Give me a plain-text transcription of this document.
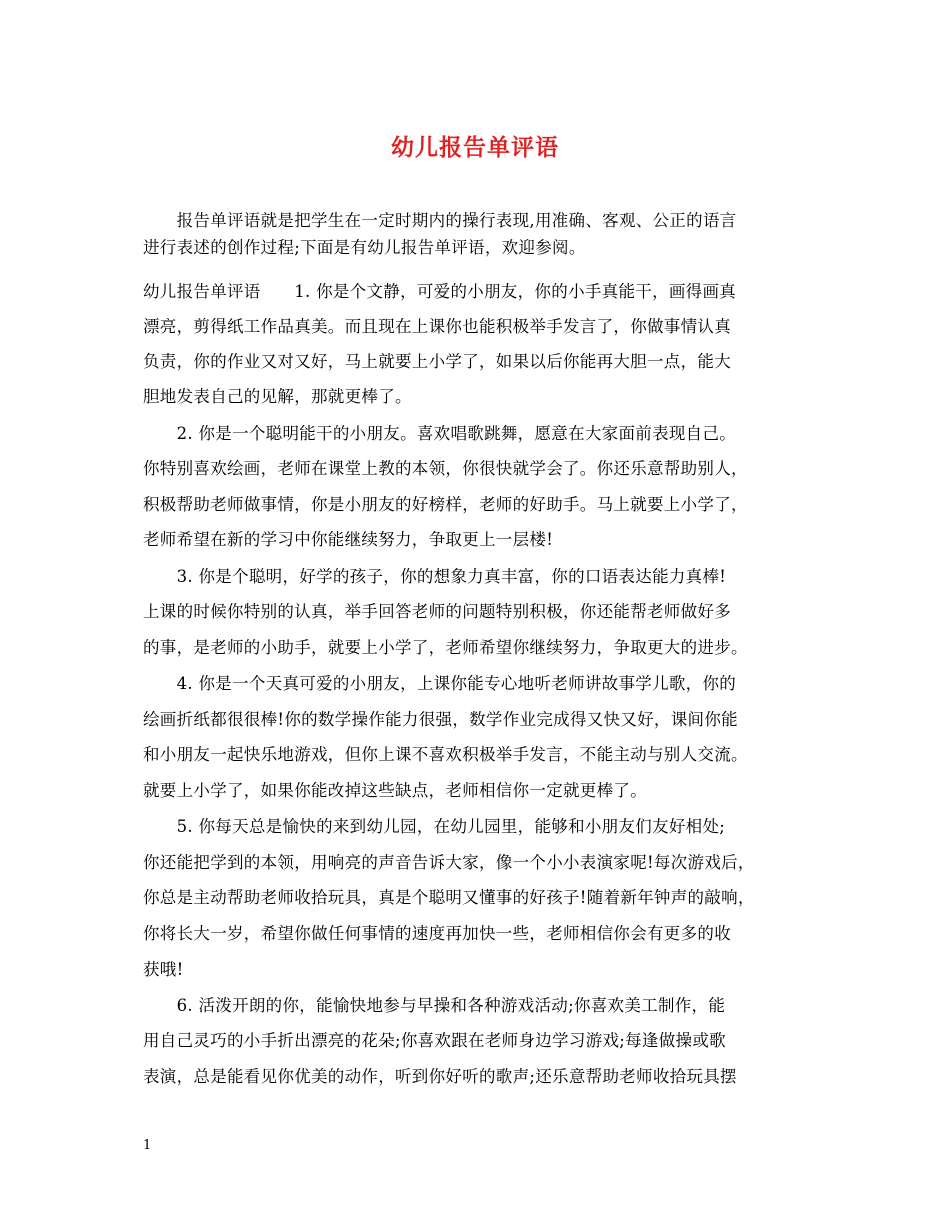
幼儿报告单评语
　　报告单评语就是把学生在一定时期内的操行表现,用准确、客观、公正的语言
进行表述的创作过程;下面是有幼儿报告单评语，欢迎参阅。
幼儿报告单评语　　1. 你是个文静，可爱的小朋友，你的小手真能干，画得画真
漂亮，剪得纸工作品真美。而且现在上课你也能积极举手发言了，你做事情认真
负责，你的作业又对又好，马上就要上小学了，如果以后你能再大胆一点，能大
胆地发表自己的见解，那就更棒了。
　　2. 你是一个聪明能干的小朋友。喜欢唱歌跳舞，愿意在大家面前表现自己。
你特别喜欢绘画，老师在课堂上教的本领，你很快就学会了。你还乐意帮助别人，
积极帮助老师做事情，你是小朋友的好榜样，老师的好助手。马上就要上小学了，
老师希望在新的学习中你能继续努力，争取更上一层楼!
　　3. 你是个聪明，好学的孩子，你的想象力真丰富，你的口语表达能力真棒!
上课的时候你特别的认真，举手回答老师的问题特别积极，你还能帮老师做好多
的事，是老师的小助手，就要上小学了，老师希望你继续努力，争取更大的进步。
　　4. 你是一个天真可爱的小朋友，上课你能专心地听老师讲故事学儿歌，你的
绘画折纸都很很棒!你的数学操作能力很强，数学作业完成得又快又好，课间你能
和小朋友一起快乐地游戏，但你上课不喜欢积极举手发言，不能主动与别人交流。
就要上小学了，如果你能改掉这些缺点，老师相信你一定就更棒了。
　　5. 你每天总是愉快的来到幼儿园，在幼儿园里，能够和小朋友们友好相处;
你还能把学到的本领，用响亮的声音告诉大家，像一个小小表演家呢!每次游戏后，
你总是主动帮助老师收拾玩具，真是个聪明又懂事的好孩子!随着新年钟声的敲响，
你将长大一岁，希望你做任何事情的速度再加快一些，老师相信你会有更多的收
获哦!
　　6. 活泼开朗的你，能愉快地参与早操和各种游戏活动;你喜欢美工制作，能
用自己灵巧的小手折出漂亮的花朵;你喜欢跟在老师身边学习游戏;每逢做操或歌
表演，总是能看见你优美的动作，听到你好听的歌声;还乐意帮助老师收拾玩具摆
1
